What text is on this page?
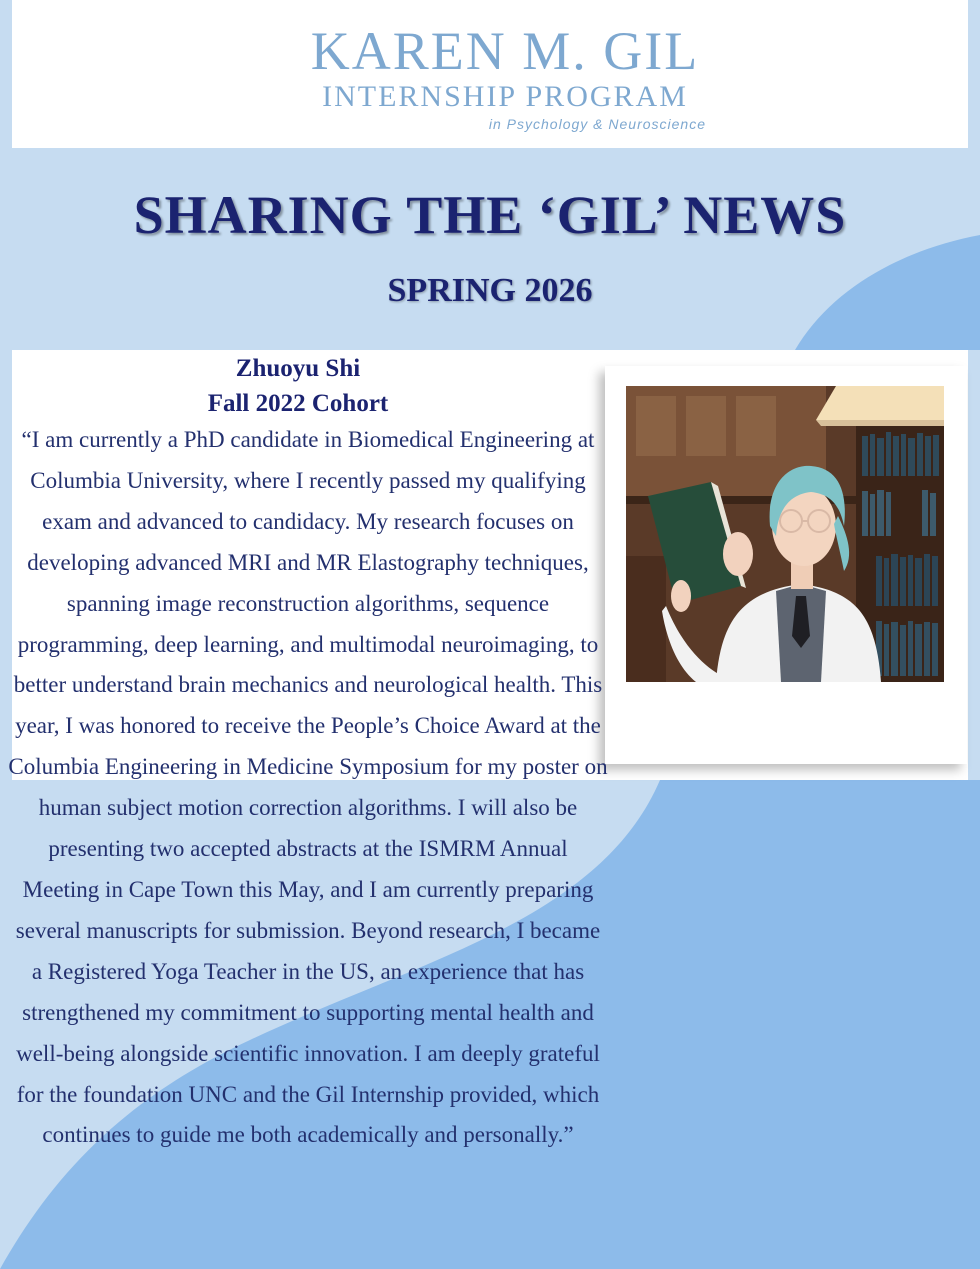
KAREN M. GIL
INTERNSHIP PROGRAM
in Psychology & Neuroscience
SHARING THE ‘GIL’ NEWS
SPRING 2026
Zhuoyu Shi
Fall 2022 Cohort

“I am currently a PhD candidate in Biomedical Engineering at Columbia University, where I recently passed my qualifying exam and advanced to candidacy. My research focuses on developing advanced MRI and MR Elastography techniques, spanning image reconstruction algorithms, sequence programming, deep learning, and multimodal neuroimaging, to better understand brain mechanics and neurological health. This year, I was honored to receive the People’s Choice Award at the Columbia Engineering in Medicine Symposium for my poster on human subject motion correction algorithms. I will also be presenting two accepted abstracts at the ISMRM Annual Meeting in Cape Town this May, and I am currently preparing several manuscripts for submission. Beyond research, I became a Registered Yoga Teacher in the US, an experience that has strengthened my commitment to supporting mental health and well-being alongside scientific innovation. I am deeply grateful for the foundation UNC and the Gil Internship provided, which continues to guide me both academically and personally.”
